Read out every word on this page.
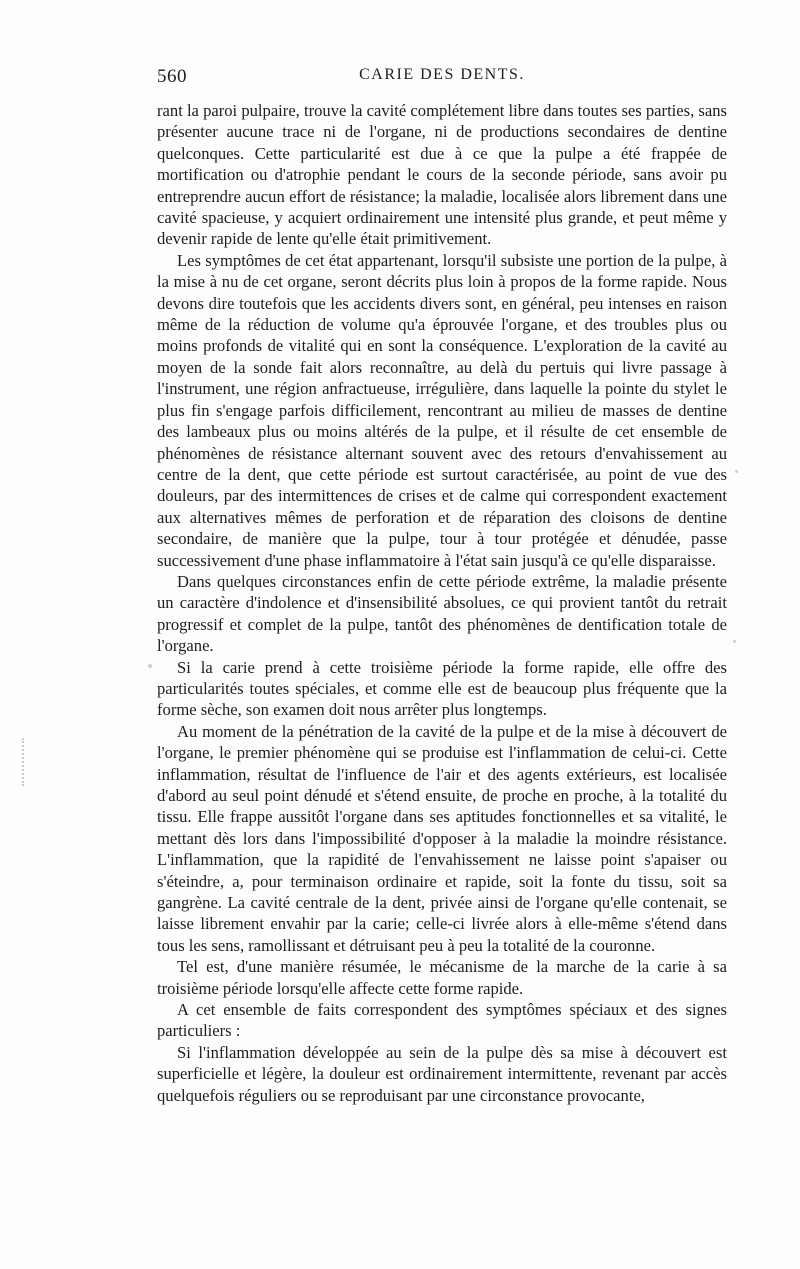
560	CARIE DES DENTS.

rant la paroi pulpaire, trouve la cavité complétement libre dans toutes ses parties, sans présenter aucune trace ni de l'organe, ni de productions secondaires de dentine quelconques. Cette particularité est due à ce que la pulpe a été frappée de mortification ou d'atrophie pendant le cours de la seconde période, sans avoir pu entreprendre aucun effort de résistance; la maladie, localisée alors librement dans une cavité spacieuse, y acquiert ordinairement une intensité plus grande, et peut même y devenir rapide de lente qu'elle était primitivement.

Les symptômes de cet état appartenant, lorsqu'il subsiste une portion de la pulpe, à la mise à nu de cet organe, seront décrits plus loin à propos de la forme rapide. Nous devons dire toutefois que les accidents divers sont, en général, peu intenses en raison même de la réduction de volume qu'a éprouvée l'organe, et des troubles plus ou moins profonds de vitalité qui en sont la conséquence. L'exploration de la cavité au moyen de la sonde fait alors reconnaître, au delà du pertuis qui livre passage à l'instrument, une région anfractueuse, irrégulière, dans laquelle la pointe du stylet le plus fin s'engage parfois difficilement, rencontrant au milieu de masses de dentine des lambeaux plus ou moins altérés de la pulpe, et il résulte de cet ensemble de phénomènes de résistance alternant souvent avec des retours d'envahissement au centre de la dent, que cette période est surtout caractérisée, au point de vue des douleurs, par des intermittences de crises et de calme qui correspondent exactement aux alternatives mêmes de perforation et de réparation des cloisons de dentine secondaire, de manière que la pulpe, tour à tour protégée et dénudée, passe successivement d'une phase inflammatoire à l'état sain jusqu'à ce qu'elle disparaisse.

Dans quelques circonstances enfin de cette période extrême, la maladie présente un caractère d'indolence et d'insensibilité absolues, ce qui provient tantôt du retrait progressif et complet de la pulpe, tantôt des phénomènes de dentification totale de l'organe.

Si la carie prend à cette troisième période la forme rapide, elle offre des particularités toutes spéciales, et comme elle est de beaucoup plus fréquente que la forme sèche, son examen doit nous arrêter plus longtemps.

Au moment de la pénétration de la cavité de la pulpe et de la mise à découvert de l'organe, le premier phénomène qui se produise est l'inflammation de celui-ci. Cette inflammation, résultat de l'influence de l'air et des agents extérieurs, est localisée d'abord au seul point dénudé et s'étend ensuite, de proche en proche, à la totalité du tissu. Elle frappe aussitôt l'organe dans ses aptitudes fonctionnelles et sa vitalité, le mettant dès lors dans l'impossibilité d'opposer à la maladie la moindre résistance. L'inflammation, que la rapidité de l'envahissement ne laisse point s'apaiser ou s'éteindre, a, pour terminaison ordinaire et rapide, soit la fonte du tissu, soit sa gangrène. La cavité centrale de la dent, privée ainsi de l'organe qu'elle contenait, se laisse librement envahir par la carie; celle-ci livrée alors à elle-même s'étend dans tous les sens, ramollissant et détruisant peu à peu la totalité de la couronne.

Tel est, d'une manière résumée, le mécanisme de la marche de la carie à sa troisième période lorsqu'elle affecte cette forme rapide.

A cet ensemble de faits correspondent des symptômes spéciaux et des signes particuliers :

Si l'inflammation développée au sein de la pulpe dès sa mise à découvert est superficielle et légère, la douleur est ordinairement intermittente, revenant par accès quelquefois réguliers ou se reproduisant par une circonstance provocante,
